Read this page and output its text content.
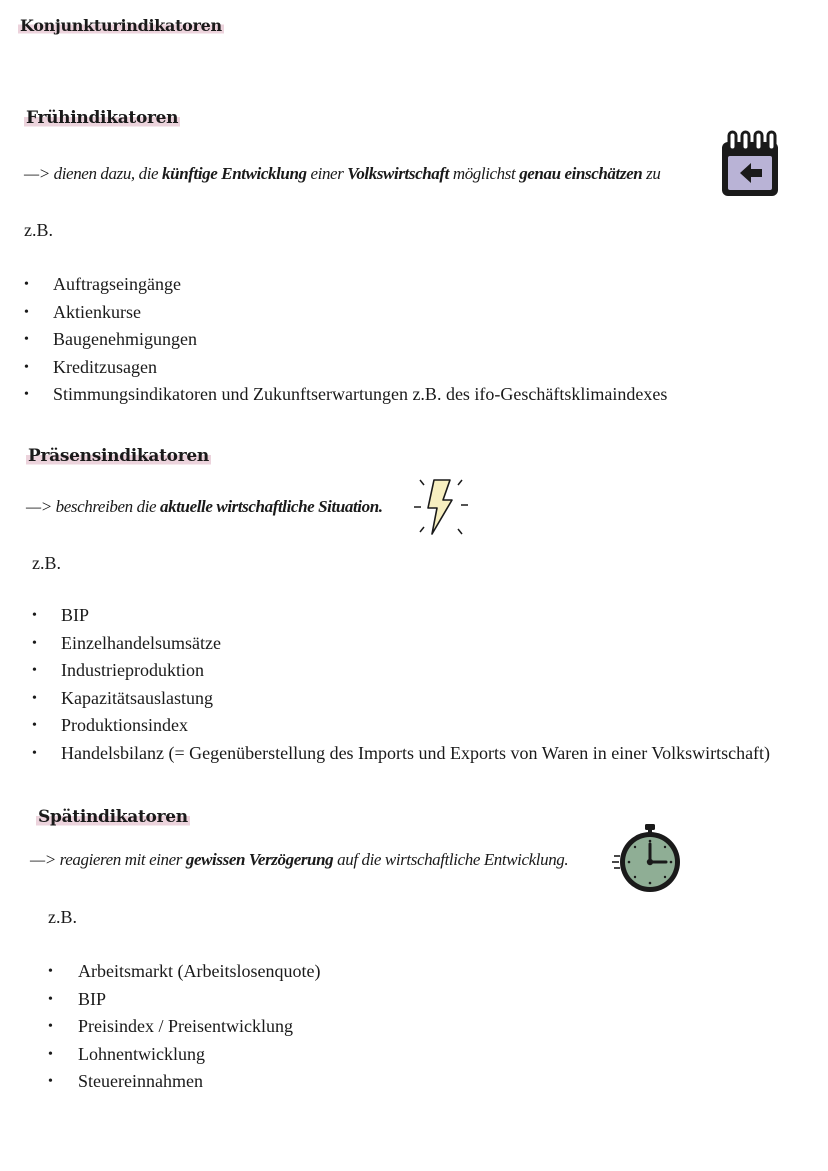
Konjunkturindikatoren
Frühindikatoren
—> dienen dazu, die künftige Entwicklung einer Volkswirtschaft möglichst genau einschätzen zu
z.B.
• Auftragseingänge
• Aktienkurse
• Baugenehmigungen
• Kreditzusagen
• Stimmungsindikatoren und Zukunftserwartungen z.B. des ifo-Geschäftsklimaindexes
Präsensindikatoren
—> beschreiben die aktuelle wirtschaftliche Situation.
z.B.
• BIP
• Einzelhandelsumsätze
• Industrieproduktion
• Kapazitätsauslastung
• Produktionsindex
• Handelsbilanz (= Gegenüberstellung des Imports und Exports von Waren in einer Volkswirtschaft)
Spätindikatoren
—> reagieren mit einer gewissen Verzögerung auf die wirtschaftliche Entwicklung.
z.B.
• Arbeitsmarkt (Arbeitslosenquote)
• BIP
• Preisindex / Preisentwicklung
• Lohnentwicklung
• Steuereinnahmen
